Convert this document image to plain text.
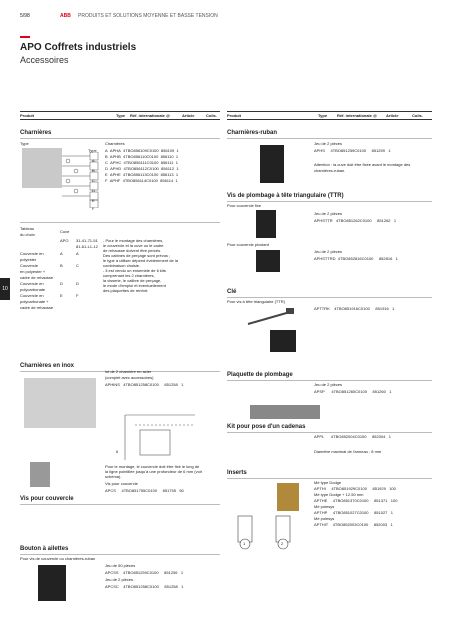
5/98	ABB PRODUITS ET SOLUTIONS MOYENNE ET BASSE TENSION
APO Coffrets industriels
Accessoires
10
Produit	Type Réf. internationale @	Article	Colis.	Produit	Type Réf. internationale @ Article	Colis.
Charnières
Type	Charnières
Type
A
B
C
D
E
F
A APHA 4TBO856109C0100 856109 1
B APHB 4TBO856110C0100 856110 1
C APHC 4TBO856111C0100 856111 1
D APHD 4TBO856112C0100 856112 1
E APHE 4TBO856113C0100 856113 1
F APHF 4TBO856114C0100 856114 1
Tableau
du choix
Cuve
APO 31-41-71-51
81-61-L1-12
Couvercle en	A	A
polyester
Couvercle	B	C
en polyester +
cadre de rehausse
Couvercle en	D	D
polycarbonate
Couvercle en	E	F
polycarbonate +
cadre de rehausse
- Pour le montage des charnières,
le couvercle et la cuve ou le cadre
de rehausse doivent être percés.
Des cabines de perçage sont prévus ;
le type à utiliser dépend évidemment de la
combinaison choisie.
- Il est vendu un ensemble de 6 kits
comprenant les 2 charnières,
la visserie, le calibre de perçage,
le mode d'emploi et éventuellement
des plaquettes de renfort.
Charnières en inox
lot de 2 charnière en acier
(complet avec accessoires)
APHINS 4TBO851258C0100 851258 1
6
Pour le montage, le couvercle doit être fixé le long de
la ligne pointillée jusqu'à une profondeur de 6 mm (voir
schéma).
Vis pour couvercle
Vis pour couvercle
APCS 4TBO851755C0100 851755 50
Bouton à ailettes
Pour vis de couvercle ou charnières-ruban
Jeu de 50 pièces
APCSS 4TBO851259C0100 851259 1
Jeu de 2 pièces
APCSC 4TBO851258C0100 851258 1
Charnières-ruban
Jeu de 2 pièces
APHS 4TBO851259C0100 851259 1
Attention : la cuve doit être fixée avant le montage des
charnières-ruban.
Vis de plombage à tête triangulaire (TTR)
Pour couvercle fixe
Jeu de 2 pièces
APHSTTR 4TBO851262C0100 851262 1
Pour couvercle pivotant
Jeu de 2 pièces
APHSTTRD 4TBO852816C0100 852816 1
Clé
Pour vis à tête triangulaire (TTR)
APTTRK 4TBO851916C0100 851916 1
Plaquette de plombage
Jeu de 2 pièces
APSP 4TBO851260C0100 851260 1
Kit pour pose d'un cadenas
APPL 4TBO852004C0100 852004 1
Diamètre maximal de l'anneau : 8 mm
Inserts
Mé type Dodge
APTHI 4TBO851929C0100 851929 100
Mé type Dodge + 12.50 mm
APTHE 4TBO851370C0100 851371 100
Mé polesys
APTHP 4TBO851027C0100 851027 1
Mé polesys
APTHIT 4TBO852003C0100 852003 1
1	2
